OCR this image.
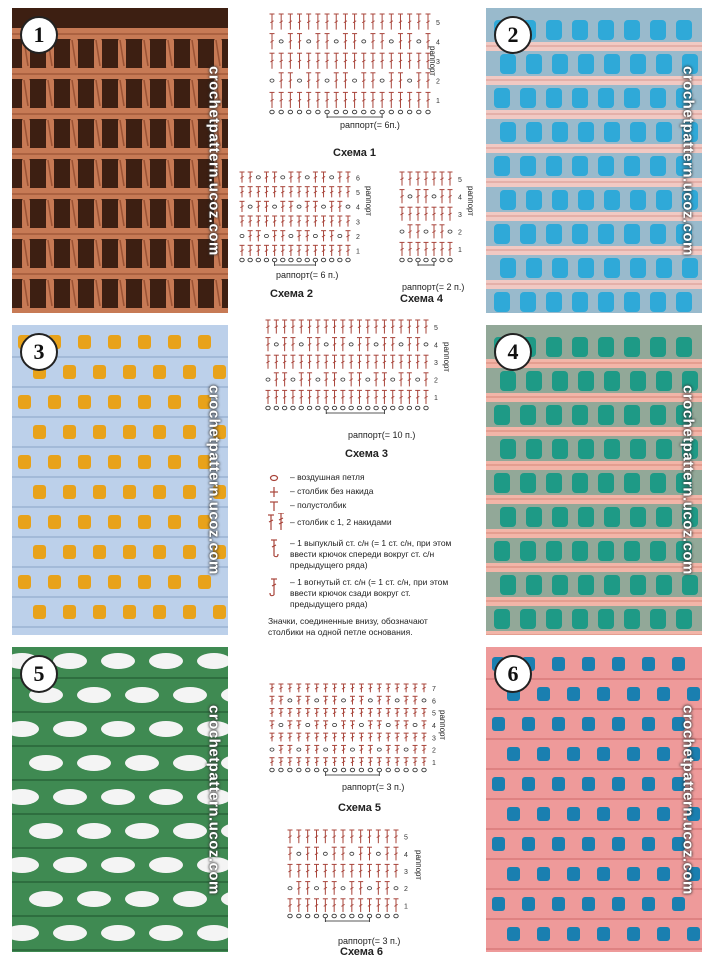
1
crochetpattern.ucoz.com
2
crochetpattern.ucoz.com
3
crochetpattern.ucoz.com
4
crochetpattern.ucoz.com
5
crochetpattern.ucoz.com
6
crochetpattern.ucoz.com
1
2
3
4
5
раппорт(= 6п.)
раппорт
Схема 1
1
2
3
4
5
6
раппорт(= 6 п.)
раппорт
Схема 2
1
2
3
4
5
раппорт(= 2 п.)
раппорт
Схема 4
1
2
3
4
5
раппорт(= 10 п.)
раппорт
Схема 3
– воздушная петля
– столбик без накида
– полустолбик
– столбик с 1, 2 накидами
– 1 выпуклый ст. с/н (= 1 ст. с/н, при этом ввести крючок спереди вокруг ст. с/н предыдущего ряда)
– 1 вогнутый ст. с/н (= 1 ст. с/н, при этом ввести крючок сзади вокруг ст. предыдущего ряда)
Значки, соединенные внизу, обозначают столбики на одной петле основания.
1
2
3
4
5
6
7
раппорт(= 3 п.)
раппорт
Схема 5
1
2
3
4
5
раппорт(= 3 п.)
раппорт
Схема 6
